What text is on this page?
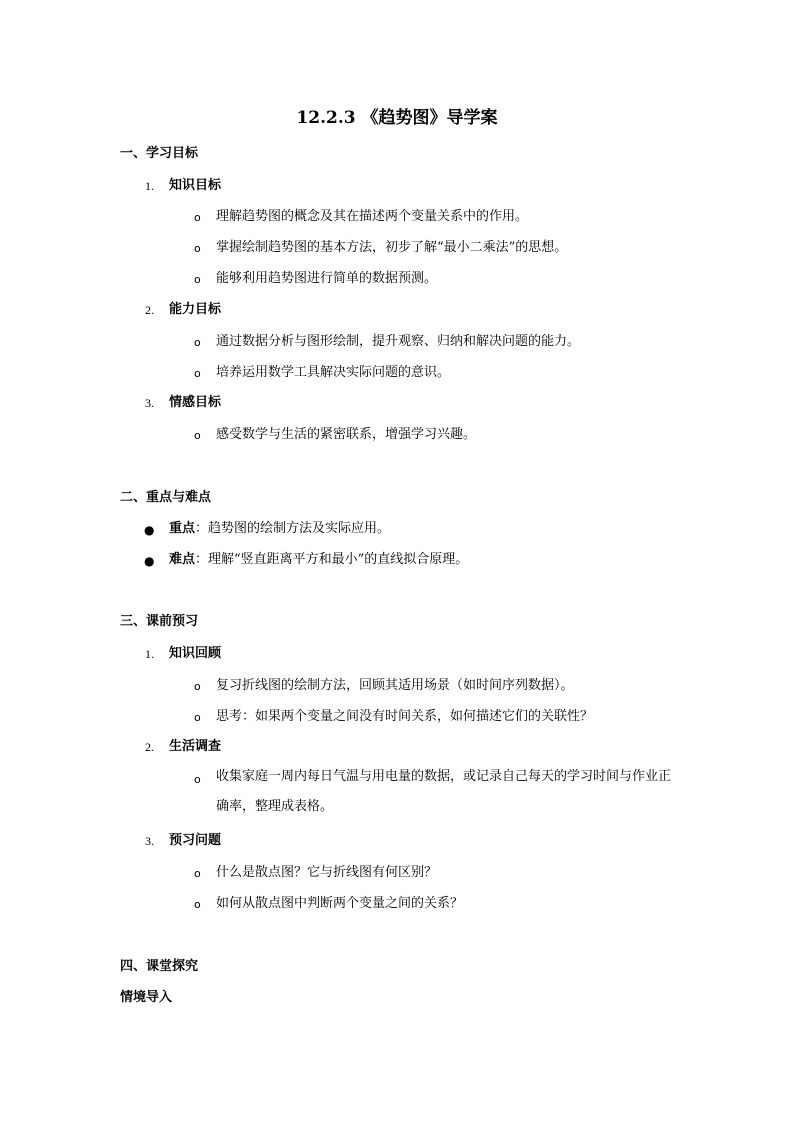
12.2.3 《趋势图》导学案
一、学习目标
1. 知识目标
o 理解趋势图的概念及其在描述两个变量关系中的作用。
o 掌握绘制趋势图的基本方法，初步了解“最小二乘法”的思想。
o 能够利用趋势图进行简单的数据预测。
2. 能力目标
o 通过数据分析与图形绘制，提升观察、归纳和解决问题的能力。
o 培养运用数学工具解决实际问题的意识。
3. 情感目标
o 感受数学与生活的紧密联系，增强学习兴趣。
二、重点与难点
● 重点：趋势图的绘制方法及实际应用。
● 难点：理解“竖直距离平方和最小”的直线拟合原理。
三、课前预习
1. 知识回顾
o 复习折线图的绘制方法，回顾其适用场景（如时间序列数据）。
o 思考：如果两个变量之间没有时间关系，如何描述它们的关联性？
2. 生活调查
o 收集家庭一周内每日气温与用电量的数据，或记录自己每天的学习时间与作业正确率，整理成表格。
3. 预习问题
o 什么是散点图？它与折线图有何区别？
o 如何从散点图中判断两个变量之间的关系？
四、课堂探究
情境导入
